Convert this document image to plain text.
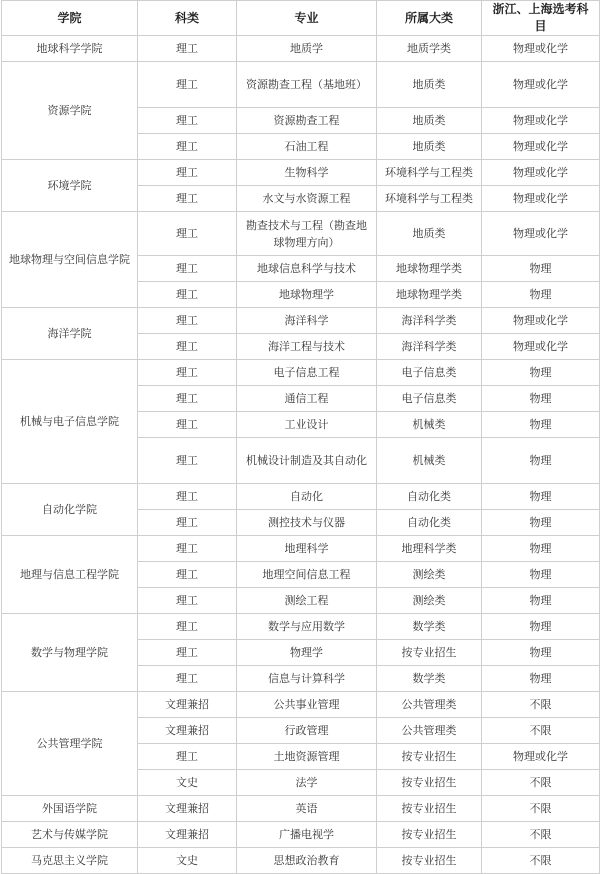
学院	科类	专业	所属大类	浙江、上海选考科目
地球科学学院	理工	地质学	地质学类	物理或化学
资源学院	理工	资源勘查工程（基地班）	地质类	物理或化学
	理工	资源勘查工程	地质类	物理或化学
	理工	石油工程	地质类	物理或化学
环境学院	理工	生物科学	环境科学与工程类	物理或化学
	理工	水文与水资源工程	环境科学与工程类	物理或化学
地球物理与空间信息学院	理工	勘查技术与工程（勘查地球物理方向）	地质类	物理或化学
	理工	地球信息科学与技术	地球物理学类	物理
	理工	地球物理学	地球物理学类	物理
海洋学院	理工	海洋科学	海洋科学类	物理或化学
	理工	海洋工程与技术	海洋科学类	物理或化学
机械与电子信息学院	理工	电子信息工程	电子信息类	物理
	理工	通信工程	电子信息类	物理
	理工	工业设计	机械类	物理
	理工	机械设计制造及其自动化	机械类	物理
自动化学院	理工	自动化	自动化类	物理
	理工	测控技术与仪器	自动化类	物理
地理与信息工程学院	理工	地理科学	地理科学类	物理
	理工	地理空间信息工程	测绘类	物理
	理工	测绘工程	测绘类	物理
数学与物理学院	理工	数学与应用数学	数学类	物理
	理工	物理学	按专业招生	物理
	理工	信息与计算科学	数学类	物理
公共管理学院	文理兼招	公共事业管理	公共管理类	不限
	文理兼招	行政管理	公共管理类	不限
	理工	土地资源管理	按专业招生	物理或化学
	文史	法学	按专业招生	不限
外国语学院	文理兼招	英语	按专业招生	不限
艺术与传媒学院	文理兼招	广播电视学	按专业招生	不限
马克思主义学院	文史	思想政治教育	按专业招生	不限
